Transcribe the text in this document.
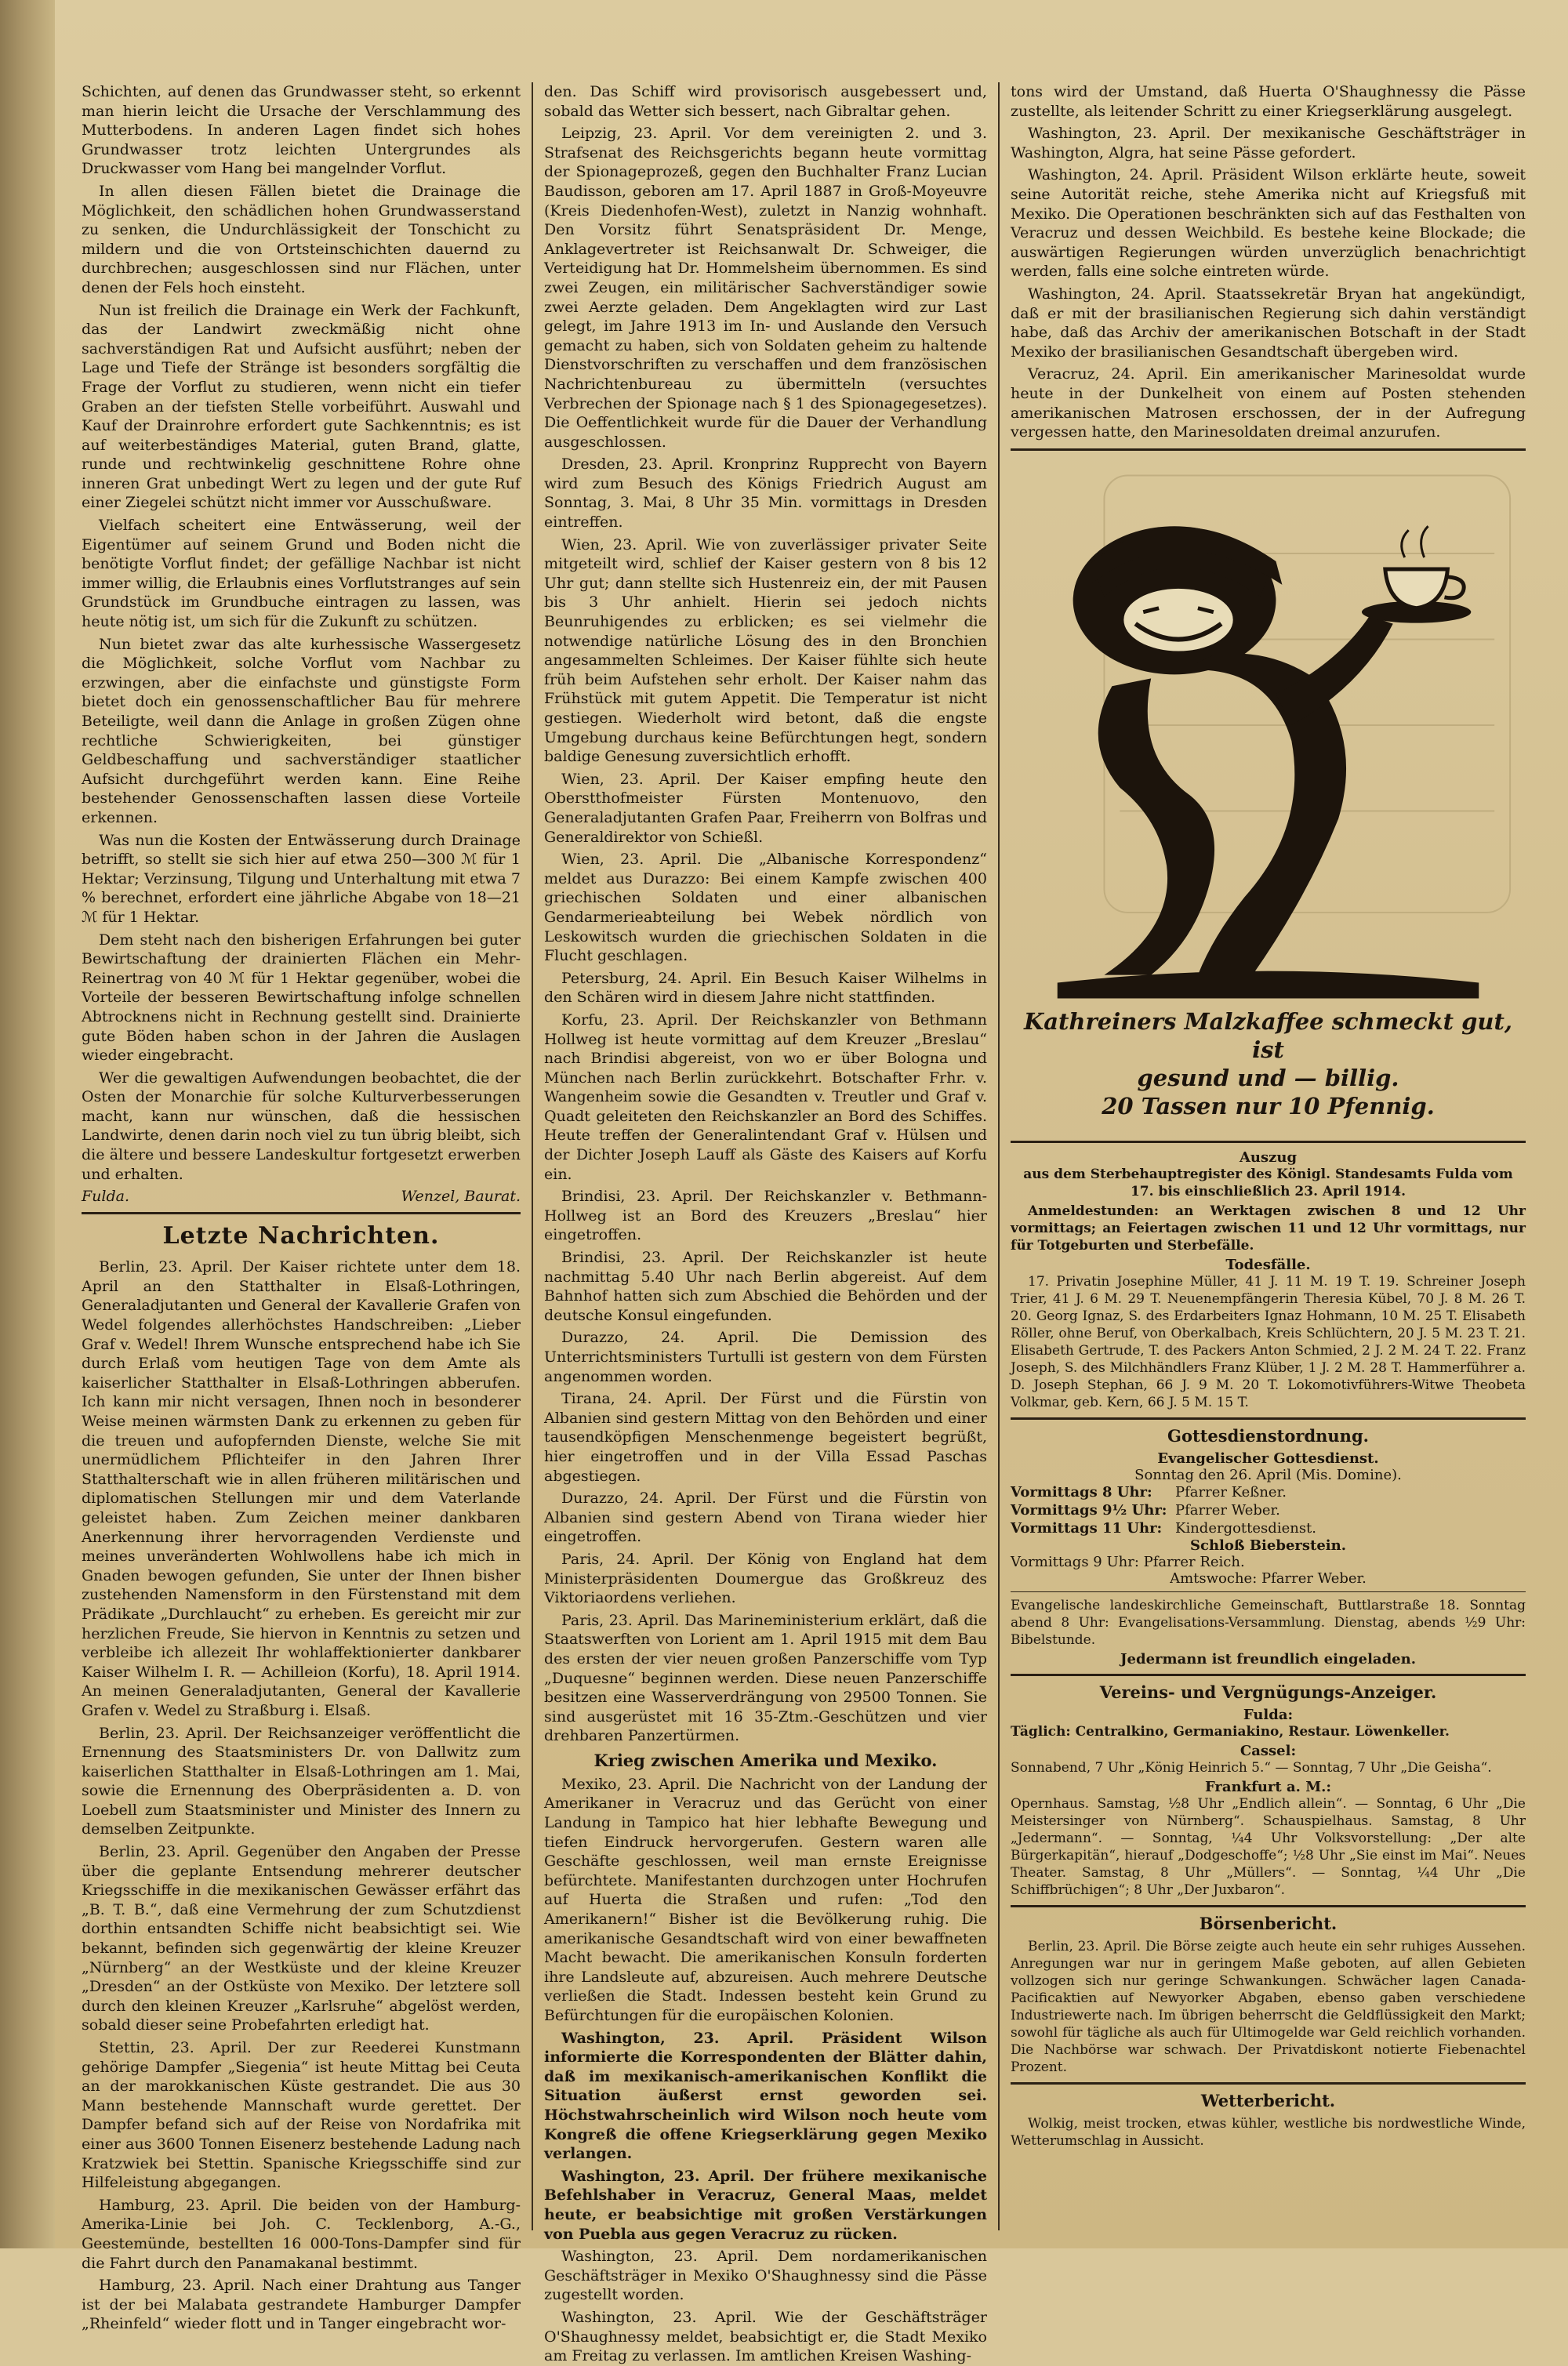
Schichten, auf denen das Grundwasser steht, so erkennt man hierin leicht die Ursache der Verschlammung des Mutterbodens. In anderen Lagen findet sich hohes Grundwasser trotz leichten Untergrundes als Druckwasser vom Hang bei mangelnder Vorflut.

In allen diesen Fällen bietet die Drainage die Möglichkeit, den schädlichen hohen Grundwasserstand zu senken, die Undurchlässigkeit der Tonschicht zu mildern und die von Ortsteinschichten dauernd zu durchbrechen; ausgeschlossen sind nur Flächen, unter denen der Fels hoch einsteht.

Nun ist freilich die Drainage ein Werk der Fachkunft, das der Landwirt zweckmäßig nicht ohne sachverständigen Rat und Aufsicht ausführt; neben der Lage und Tiefe der Stränge ist besonders sorgfältig die Frage der Vorflut zu studieren, wenn nicht ein tiefer Graben an der tiefsten Stelle vorbeiführt. Auswahl und Kauf der Drainrohre erfordert gute Sachkenntnis; es ist auf weiterbeständiges Material, guten Brand, glatte, runde und rechtwinkelig geschnittene Rohre ohne inneren Grat unbedingt Wert zu legen und der gute Ruf einer Ziegelei schützt nicht immer vor Ausschußware.

Vielfach scheitert eine Entwässerung, weil der Eigentümer auf seinem Grund und Boden nicht die benötigte Vorflut findet; der gefällige Nachbar ist nicht immer willig, die Erlaubnis eines Vorflutstranges auf sein Grundstück im Grundbuche eintragen zu lassen, was heute nötig ist, um sich für die Zukunft zu schützen.

Nun bietet zwar das alte kurhessische Wassergesetz die Möglichkeit, solche Vorflut vom Nachbar zu erzwingen, aber die einfachste und günstigste Form bietet doch ein genossenschaftlicher Bau für mehrere Beteiligte, weil dann die Anlage in großen Zügen ohne rechtliche Schwierigkeiten, bei günstiger Geldbeschaffung und sachverständiger staatlicher Aufsicht durchgeführt werden kann. Eine Reihe bestehender Genossenschaften lassen diese Vorteile erkennen.

Was nun die Kosten der Entwässerung durch Drainage betrifft, so stellt sie sich hier auf etwa 250—300 ℳ für 1 Hektar; Verzinsung, Tilgung und Unterhaltung mit etwa 7 % berechnet, erfordert eine jährliche Abgabe von 18—21 ℳ für 1 Hektar.

Dem steht nach den bisherigen Erfahrungen bei guter Bewirtschaftung der drainierten Flächen ein Mehr-Reinertrag von 40 ℳ für 1 Hektar gegenüber, wobei die Vorteile der besseren Bewirtschaftung infolge schnellen Abtrocknens nicht in Rechnung gestellt sind. Drainierte gute Böden haben schon in der Jahren die Auslagen wieder eingebracht.

Wer die gewaltigen Aufwendungen beobachtet, die der Osten der Monarchie für solche Kulturverbesserungen macht, kann nur wünschen, daß die hessischen Landwirte, denen darin noch viel zu tun übrig bleibt, sich die ältere und bessere Landeskultur fortgesetzt erwerben und erhalten.

Fulda.	Wenzel, Baurat.
Letzte Nachrichten.

Berlin, 23. April. Der Kaiser richtete unter dem 18. April an den Statthalter in Elsaß-Lothringen, Generaladjutanten und General der Kavallerie Grafen von Wedel folgendes allerhöchstes Handschreiben: „Lieber Graf v. Wedel! Ihrem Wunsche entsprechend habe ich Sie durch Erlaß vom heutigen Tage von dem Amte als kaiserlicher Statthalter in Elsaß-Lothringen abberufen. Ich kann mir nicht versagen, Ihnen noch in besonderer Weise meinen wärmsten Dank zu erkennen zu geben für die treuen und aufopfernden Dienste, welche Sie mit unermüdlichem Pflichteifer in den Jahren Ihrer Statthalterschaft wie in allen früheren militärischen und diplomatischen Stellungen mir und dem Vaterlande geleistet haben. Zum Zeichen meiner dankbaren Anerkennung ihrer hervorragenden Verdienste und meines unveränderten Wohlwollens habe ich mich in Gnaden bewogen gefunden, Sie unter der Ihnen bisher zustehenden Namensform in den Fürstenstand mit dem Prädikate „Durchlaucht“ zu erheben. Es gereicht mir zur herzlichen Freude, Sie hiervon in Kenntnis zu setzen und verbleibe ich allezeit Ihr wohlaffektionierter dankbarer Kaiser Wilhelm I. R. — Achilleion (Korfu), 18. April 1914. An meinen Generaladjutanten, General der Kavallerie Grafen v. Wedel zu Straßburg i. Elsaß.

Berlin, 23. April. Der Reichsanzeiger veröffentlicht die Ernennung des Staatsministers Dr. von Dallwitz zum kaiserlichen Statthalter in Elsaß-Lothringen am 1. Mai, sowie die Ernennung des Oberpräsidenten a. D. von Loebell zum Staatsminister und Minister des Innern zu demselben Zeitpunkte.

Berlin, 23. April. Gegenüber den Angaben der Presse über die geplante Entsendung mehrerer deutscher Kriegsschiffe in die mexikanischen Gewässer erfährt das „B. T. B.“, daß eine Vermehrung der zum Schutzdienst dorthin entsandten Schiffe nicht beabsichtigt sei. Wie bekannt, befinden sich gegenwärtig der kleine Kreuzer „Nürnberg“ an der Westküste und der kleine Kreuzer „Dresden“ an der Ostküste von Mexiko. Der letztere soll durch den kleinen Kreuzer „Karlsruhe“ abgelöst werden, sobald dieser seine Probefahrten erledigt hat.

Stettin, 23. April. Der zur Reederei Kunstmann gehörige Dampfer „Siegenia“ ist heute Mittag bei Ceuta an der marokkanischen Küste gestrandet. Die aus 30 Mann bestehende Mannschaft wurde gerettet. Der Dampfer befand sich auf der Reise von Nordafrika mit einer aus 3600 Tonnen Eisenerz bestehende Ladung nach Kratzwiek bei Stettin. Spanische Kriegsschiffe sind zur Hilfeleistung abgegangen.

Hamburg, 23. April. Die beiden von der Hamburg-Amerika-Linie bei Joh. C. Tecklenborg, A.-G., Geestemünde, bestellten 16 000-Tons-Dampfer sind für die Fahrt durch den Panamakanal bestimmt.

Hamburg, 23. April. Nach einer Drahtung aus Tanger ist der bei Malabata gestrandete Hamburger Dampfer „Rheinfeld“ wieder flott und in Tanger eingebracht wor-

den. Das Schiff wird provisorisch ausgebessert und, sobald das Wetter sich bessert, nach Gibraltar gehen.

Leipzig, 23. April. Vor dem vereinigten 2. und 3. Strafsenat des Reichsgerichts begann heute vormittag der Spionageprozeß, gegen den Buchhalter Franz Lucian Baudisson, geboren am 17. April 1887 in Groß-Moyeuvre (Kreis Diedenhofen-West), zuletzt in Nanzig wohnhaft. Den Vorsitz führt Senatspräsident Dr. Menge, Anklagevertreter ist Reichsanwalt Dr. Schweiger, die Verteidigung hat Dr. Hommelsheim übernommen. Es sind zwei Zeugen, ein militärischer Sachverständiger sowie zwei Aerzte geladen. Dem Angeklagten wird zur Last gelegt, im Jahre 1913 im In- und Auslande den Versuch gemacht zu haben, sich von Soldaten geheim zu haltende Dienstvorschriften zu verschaffen und dem französischen Nachrichtenbureau zu übermitteln (versuchtes Verbrechen der Spionage nach § 1 des Spionagegesetzes). Die Oeffentlichkeit wurde für die Dauer der Verhandlung ausgeschlossen.

Dresden, 23. April. Kronprinz Rupprecht von Bayern wird zum Besuch des Königs Friedrich August am Sonntag, 3. Mai, 8 Uhr 35 Min. vormittags in Dresden eintreffen.

Wien, 23. April. Wie von zuverlässiger privater Seite mitgeteilt wird, schlief der Kaiser gestern von 8 bis 12 Uhr gut; dann stellte sich Hustenreiz ein, der mit Pausen bis 3 Uhr anhielt. Hierin sei jedoch nichts Beunruhigendes zu erblicken; es sei vielmehr die notwendige natürliche Lösung des in den Bronchien angesammelten Schleimes. Der Kaiser fühlte sich heute früh beim Aufstehen sehr erholt. Der Kaiser nahm das Frühstück mit gutem Appetit. Die Temperatur ist nicht gestiegen. Wiederholt wird betont, daß die engste Umgebung durchaus keine Befürchtungen hegt, sondern baldige Genesung zuversichtlich erhofft.

Wien, 23. April. Der Kaiser empfing heute den Oberstthofmeister Fürsten Montenuovo, den Generaladjutanten Grafen Paar, Freiherrn von Bolfras und Generaldirektor von Schießl.

Wien, 23. April. Die „Albanische Korrespondenz“ meldet aus Durazzo: Bei einem Kampfe zwischen 400 griechischen Soldaten und einer albanischen Gendarmerieabteilung bei Webek nördlich von Leskowitsch wurden die griechischen Soldaten in die Flucht geschlagen.

Petersburg, 24. April. Ein Besuch Kaiser Wilhelms in den Schären wird in diesem Jahre nicht stattfinden.

Korfu, 23. April. Der Reichskanzler von Bethmann Hollweg ist heute vormittag auf dem Kreuzer „Breslau“ nach Brindisi abgereist, von wo er über Bologna und München nach Berlin zurückkehrt. Botschafter Frhr. v. Wangenheim sowie die Gesandten v. Treutler und Graf v. Quadt geleiteten den Reichskanzler an Bord des Schiffes. Heute treffen der Generalintendant Graf v. Hülsen und der Dichter Joseph Lauff als Gäste des Kaisers auf Korfu ein.

Brindisi, 23. April. Der Reichskanzler v. Bethmann-Hollweg ist an Bord des Kreuzers „Breslau“ hier eingetroffen.

Brindisi, 23. April. Der Reichskanzler ist heute nachmittag 5.40 Uhr nach Berlin abgereist. Auf dem Bahnhof hatten sich zum Abschied die Behörden und der deutsche Konsul eingefunden.

Durazzo, 24. April. Die Demission des Unterrichtsministers Turtulli ist gestern von dem Fürsten angenommen worden.

Tirana, 24. April. Der Fürst und die Fürstin von Albanien sind gestern Mittag von den Behörden und einer tausendköpfigen Menschenmenge begeistert begrüßt, hier eingetroffen und in der Villa Essad Paschas abgestiegen.

Durazzo, 24. April. Der Fürst und die Fürstin von Albanien sind gestern Abend von Tirana wieder hier eingetroffen.

Paris, 24. April. Der König von England hat dem Ministerpräsidenten Doumergue das Großkreuz des Viktoriaordens verliehen.

Paris, 23. April. Das Marineministerium erklärt, daß die Staatswerften von Lorient am 1. April 1915 mit dem Bau des ersten der vier neuen großen Panzerschiffe vom Typ „Duquesne“ beginnen werden. Diese neuen Panzerschiffe besitzen eine Wasserverdrängung von 29500 Tonnen. Sie sind ausgerüstet mit 16 35-Ztm.-Geschützen und vier drehbaren Panzertürmen.

Krieg zwischen Amerika und Mexiko.

Mexiko, 23. April. Die Nachricht von der Landung der Amerikaner in Veracruz und das Gerücht von einer Landung in Tampico hat hier lebhafte Bewegung und tiefen Eindruck hervorgerufen. Gestern waren alle Geschäfte geschlossen, weil man ernste Ereignisse befürchtete. Manifestanten durchzogen unter Hochrufen auf Huerta die Straßen und rufen: „Tod den Amerikanern!“ Bisher ist die Bevölkerung ruhig. Die amerikanische Gesandtschaft wird von einer bewaffneten Macht bewacht. Die amerikanischen Konsuln forderten ihre Landsleute auf, abzureisen. Auch mehrere Deutsche verließen die Stadt. Indessen besteht kein Grund zu Befürchtungen für die europäischen Kolonien.

Washington, 23. April. Präsident Wilson informierte die Korrespondenten der Blätter dahin, daß im mexikanisch-amerikanischen Konflikt die Situation äußerst ernst geworden sei. Höchstwahrscheinlich wird Wilson noch heute vom Kongreß die offene Kriegserklärung gegen Mexiko verlangen.

Washington, 23. April. Der frühere mexikanische Befehlshaber in Veracruz, General Maas, meldet heute, er beabsichtige mit großen Verstärkungen von Puebla aus gegen Veracruz zu rücken.

Washington, 23. April. Dem nordamerikanischen Geschäftsträger in Mexiko O'Shaughnessy sind die Pässe zugestellt worden.

Washington, 23. April. Wie der Geschäftsträger O'Shaughnessy meldet, beabsichtigt er, die Stadt Mexiko am Freitag zu verlassen. Im amtlichen Kreisen Washing-

tons wird der Umstand, daß Huerta O'Shaughnessy die Pässe zustellte, als leitender Schritt zu einer Kriegserklärung ausgelegt.

Washington, 23. April. Der mexikanische Geschäftsträger in Washington, Algra, hat seine Pässe gefordert.

Washington, 24. April. Präsident Wilson erklärte heute, soweit seine Autorität reiche, stehe Amerika nicht auf Kriegsfuß mit Mexiko. Die Operationen beschränkten sich auf das Festhalten von Veracruz und dessen Weichbild. Es bestehe keine Blockade; die auswärtigen Regierungen würden unverzüglich benachrichtigt werden, falls eine solche eintreten würde.

Washington, 24. April. Staatssekretär Bryan hat angekündigt, daß er mit der brasilianischen Regierung sich dahin verständigt habe, daß das Archiv der amerikanischen Botschaft in der Stadt Mexiko der brasilianischen Gesandtschaft übergeben wird.

Veracruz, 24. April. Ein amerikanischer Marinesoldat wurde heute in der Dunkelheit von einem auf Posten stehenden amerikanischen Matrosen erschossen, der in der Aufregung vergessen hatte, den Marinesoldaten dreimal anzurufen.

Kathreiners Malzkaffee schmeckt gut, ist
gesund und — billig.
20 Tassen nur 10 Pfennig.
Auszug
aus dem Sterbehauptregister des Königl. Standesamts Fulda vom 17. bis einschließlich 23. April 1914.

Anmeldestunden: an Werktagen zwischen 8 und 12 Uhr vormittags; an Feiertagen zwischen 11 und 12 Uhr vormittags, nur für Totgeburten und Sterbefälle.

Todesfälle.

17. Privatin Josephine Müller, 41 J. 11 M. 19 T. 19. Schreiner Joseph Trier, 41 J. 6 M. 29 T. Neuenempfängerin Theresia Kübel, 70 J. 8 M. 26 T. 20. Georg Ignaz, S. des Erdarbeiters Ignaz Hohmann, 10 M. 25 T. Elisabeth Röller, ohne Beruf, von Oberkalbach, Kreis Schlüchtern, 20 J. 5 M. 23 T. 21. Elisabeth Gertrude, T. des Packers Anton Schmied, 2 J. 2 M. 24 T. 22. Franz Joseph, S. des Milchhändlers Franz Klüber, 1 J. 2 M. 28 T. Hammerführer a. D. Joseph Stephan, 66 J. 9 M. 20 T. Lokomotivführers-Witwe Theobeta Volkmar, geb. Kern, 66 J. 5 M. 15 T.

Gottesdienstordnung.
Evangelischer Gottesdienst.
Sonntag den 26. April (Mis. Domine).
Vormittags 8 Uhr:	Pfarrer Keßner.
Vormittags 9½ Uhr: Pfarrer Weber.
Vormittags 11 Uhr: Kindergottesdienst.
Schloß Bieberstein.
Vormittags 9 Uhr: Pfarrer Reich.
Amtswoche: Pfarrer Weber.

Evangelische landeskirchliche Gemeinschaft, Buttlarstraße 18. Sonntag abend 8 Uhr: Evangelisations-Versammlung. Dienstag, abends ½9 Uhr: Bibelstunde.

Jedermann ist freundlich eingeladen.
Vereins- und Vergnügungs-Anzeiger.
Fulda:

Täglich: Centralkino, Germaniakino, Restaur. Löwenkeller.

Cassel:

Sonnabend, 7 Uhr „König Heinrich 5.“ — Sonntag, 7 Uhr „Die Geisha“.

Frankfurt a. M.:

Opernhaus. Samstag, ½8 Uhr „Endlich allein“. — Sonntag, 6 Uhr „Die Meistersinger von Nürnberg“. Schauspielhaus. Samstag, 8 Uhr „Jedermann“. — Sonntag, ¼4 Uhr Volksvorstellung: „Der alte Bürgerkapitän“, hierauf „Dodgeschoffe“; ½8 Uhr „Sie einst im Mai“. Neues Theater. Samstag, 8 Uhr „Müllers“. — Sonntag, ¼4 Uhr „Die Schiffbrüchigen“; 8 Uhr „Der Juxbaron“.

Börsenbericht.

Berlin, 23. April. Die Börse zeigte auch heute ein sehr ruhiges Aussehen. Anregungen war nur in geringem Maße geboten, auf allen Gebieten vollzogen sich nur geringe Schwankungen. Schwächer lagen Canada-Pacificaktien auf Newyorker Abgaben, ebenso gaben verschiedene Industriewerte nach. Im übrigen beherrscht die Geldflüssigkeit den Markt; sowohl für tägliche als auch für Ultimogelde war Geld reichlich vorhanden. Die Nachbörse war schwach. Der Privatdiskont notierte Fiebenachtel Prozent.

Wetterbericht.

Wolkig, meist trocken, etwas kühler, westliche bis nordwestliche Winde, Wetterumschlag in Aussicht.
